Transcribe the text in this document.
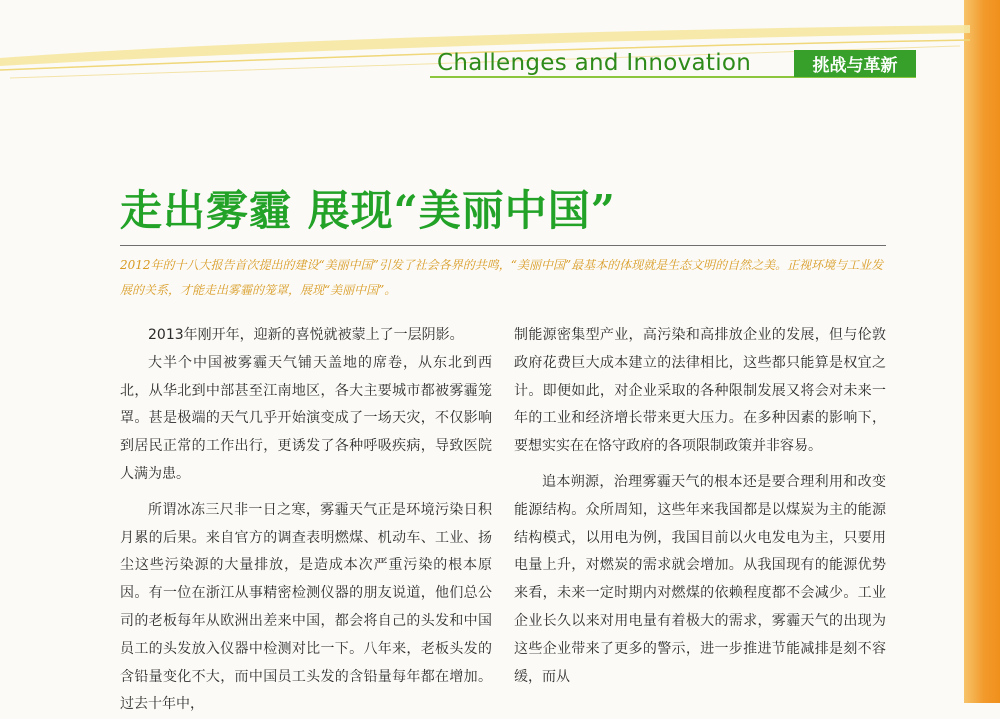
Challenges and Innovation	挑战与革新
走出雾霾 展现“美丽中国”
2012年的十八大报告首次提出的建设“美丽中国”引发了社会各界的共鸣，“美丽中国”最基本的体现就是生态文明的自然之美。正视环境与工业发展的关系，才能走出雾霾的笼罩，展现“美丽中国”。

2013年刚开年，迎新的喜悦就被蒙上了一层阴影。

大半个中国被雾霾天气铺天盖地的席卷，从东北到西北，从华北到中部甚至江南地区，各大主要城市都被雾霾笼罩。甚是极端的天气几乎开始演变成了一场天灾，不仅影响到居民正常的工作出行，更诱发了各种呼吸疾病，导致医院人满为患。

所谓冰冻三尺非一日之寒，雾霾天气正是环境污染日积月累的后果。来自官方的调查表明燃煤、机动车、工业、扬尘这些污染源的大量排放，是造成本次严重污染的根本原因。有一位在浙江从事精密检测仪器的朋友说道，他们总公司的老板每年从欧洲出差来中国，都会将自己的头发和中国员工的头发放入仪器中检测对比一下。八年来，老板头发的含铅量变化不大，而中国员工头发的含铅量每年都在增加。过去十年中，

制能源密集型产业，高污染和高排放企业的发展，但与伦敦政府花费巨大成本建立的法律相比，这些都只能算是权宜之计。即便如此，对企业采取的各种限制发展又将会对未来一年的工业和经济增长带来更大压力。在多种因素的影响下，要想实实在在恪守政府的各项限制政策并非容易。

追本朔源，治理雾霾天气的根本还是要合理利用和改变能源结构。众所周知，这些年来我国都是以煤炭为主的能源结构模式，以用电为例，我国目前以火电发电为主，只要用电量上升，对燃炭的需求就会增加。从我国现有的能源优势来看，未来一定时期内对燃煤的依赖程度都不会减少。工业企业长久以来对用电量有着极大的需求，雾霾天气的出现为这些企业带来了更多的警示，进一步推进节能减排是刻不容缓，而从
